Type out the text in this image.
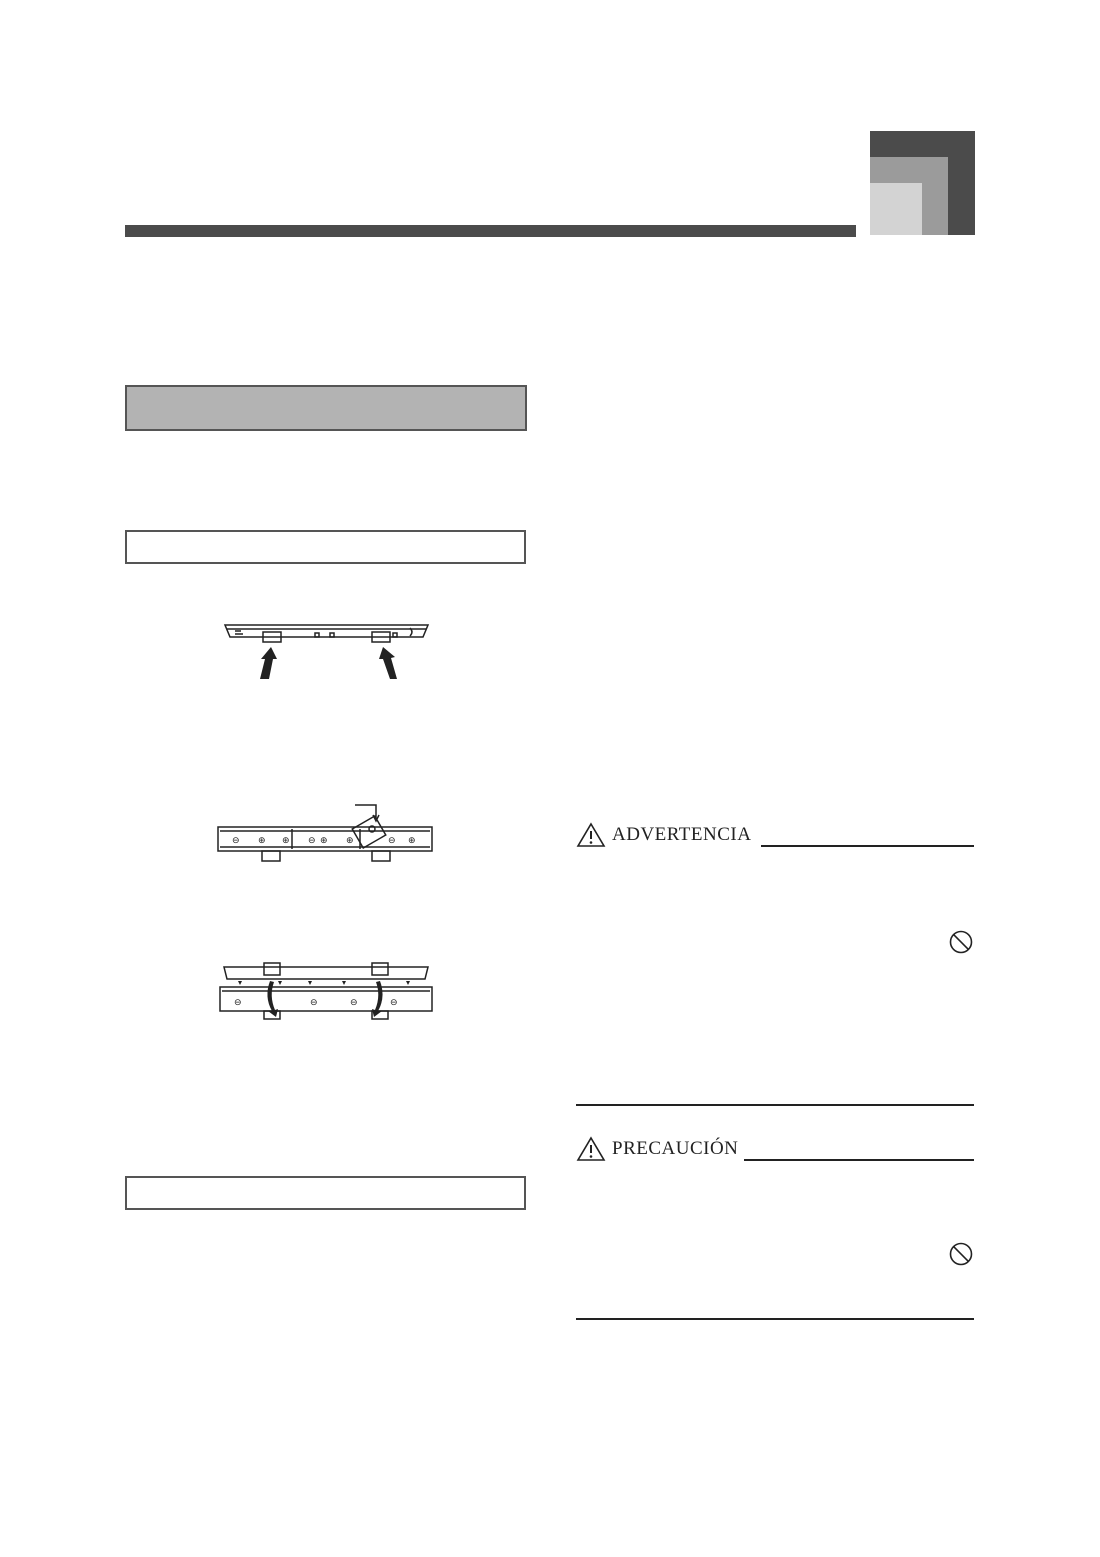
⊖ ⊕ ⊕ ⊖ ⊕ ⊕	⊖ ⊕
⊖	⊖	⊖	⊖
ADVERTENCIA
PRECAUCIÓN
